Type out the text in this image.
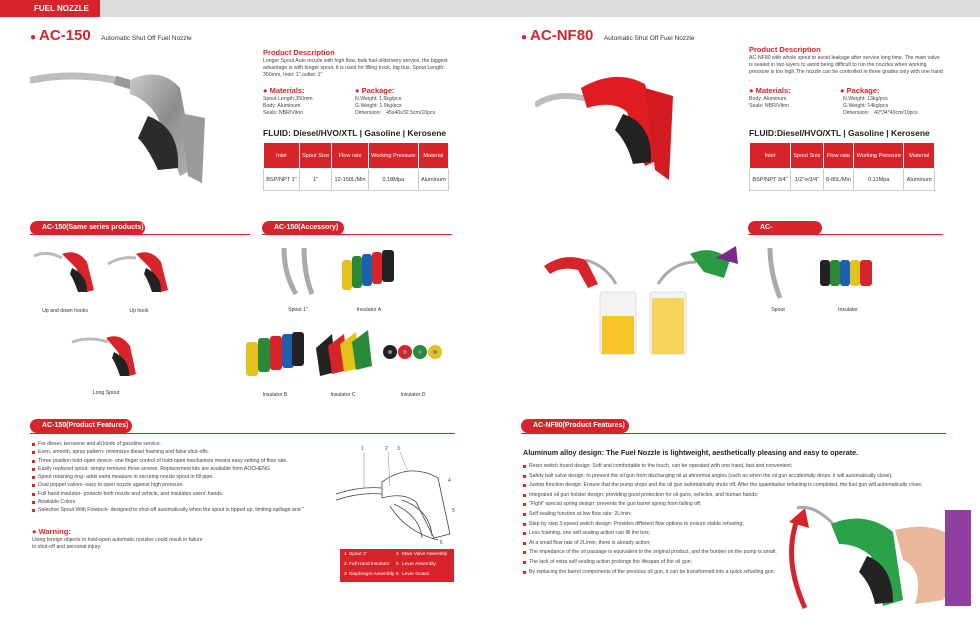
FUEL NOZZLE
● AC-150 Automatic Shut Off Fuel Nozzle
Product Description
Longer Spout Auto nozzle with high flow, bulk fuel oildelivery service, the biggest advantage is with longer spout, it is used for filling truck, big bus. Spout Length: 350mm, Inlet: 1",outlet: 1"
● Materials:
Spout Length:350mm
Body: Aluminum
Seals: NBR/Viton
● Package:
N.Weight: 1.6kg/pcs
G.Weight: 1.9kg/pcs
Dimension： 45x40x32.5cm/10pcs
FLUID: Diesel/HVO/XTL | Gasoline | Kerosene
Inlet	Spout Size	Flow rate	Working Pressure	Material
BSP/NPT 1"	1"	12-150L/Min	0.18Mpa	Aluminum
AC-150(Same series products)
Up and down hooks	Up hook
Long Spout
AC-150(Accessory)
Spout 1"	Insulator A
Insulator B	Insulator C	Insulator D
AC-150(Product Features)
For diesel, kerosene and all kinds of gasoline service.
Even, smooth, spray pattern- minimizes diesel foaming and false shut-offs.
Three position hold-open device- one finger control of hold-open mechanism means easy setting of flow rate.
Easily replaced spout- simply removes three screws. Replacement kits are available from AOCHENG
Spout retaining ring- adds extra measure in securing nozzle spout in fill pipe.
Dual poppet valves- easy to open nozzle against high pressure.
Full hand insulator- protects both nozzle and vehicle, and insulates users' hands.
Available Colors
Selective Spout With Flowlock- designed to shut-off automatically when the spout is tipped up, limiting spillage and "
● Warning:
Using foreign objects to hold-open automatic nozzles could result in failure
to shut-off and personal injury.
1	2 3
4
5
6
1 Spout 1"	4 Main Valve Assembly
2 Full Hand Insulator 5 Lever Assembly
3 Diaphragm Assembly 6 Lever Guard
● AC-NF80 Automatic Shut Off Fuel Nozzle
Product Description
AC-NF80 with whole spout to avoid leakage after service long time. The main valve is sealed in two layers to avoid being difficult to run the nozzles when working pressure is too high.The nozzle can be controlled in three grades only with one hand .
● Materials:
Body: Aluminum
Seals: NBR/Viton
● Package:
N.Weight: 13kg/pcs
G.Weight: 14kg/pcs
Dimension： 42*34*40cm/10pcs
FLUID:Diesel/HVO/XTL | Gasoline | Kerosene
Inlet	Spout Size	Flow rate	Working Pressure	Material
BSP/NPT 3/4"	1/2"or3/4"	8-80L/Min	0.11Mpa	Aluminum
AC-NF80(Accessory)
Spout	Insulator
AC-NF80(Product Features)
Aluminum alloy design: The Fuel Nozzle is lightweight, aesthetically pleasing and easy to operate.
Resin switch board design: Soft and comfortable to the touch, can be operated with one hand, fast and convenient;
Safety ball valve design: to prevent the oil gun from discharging oil at abnormal angles (such as when the oil gun accidentally drops, it will automatically close);
Justop function design: Ensure that the pump stops and the oil gun automatically shuts off. After the quantitative refueling is completed, the fuel gun will automatically close;
Integrated oil gun holster design: providing good protection for oil guns, vehicles, and human hands;
"Fight" special spring design: prevents the gun barrel spring from falling off;
Self sealing function at low flow rate: 2L/min;
Step by step 3-speed switch design: Provides different flow options to ensure stable refueling;
Less foaming, one self sealing action can fill the box;
At a small flow rate of 2L/min, there is already action;
The impedance of the oil passage is equivalent to the original product, and the burden on the pump is small;
The lack of extra self sealing action prolongs the lifespan of the oil gun;
By replacing the barrel components of the previous oil gun, it can be transformed into a quick refueling gun;
